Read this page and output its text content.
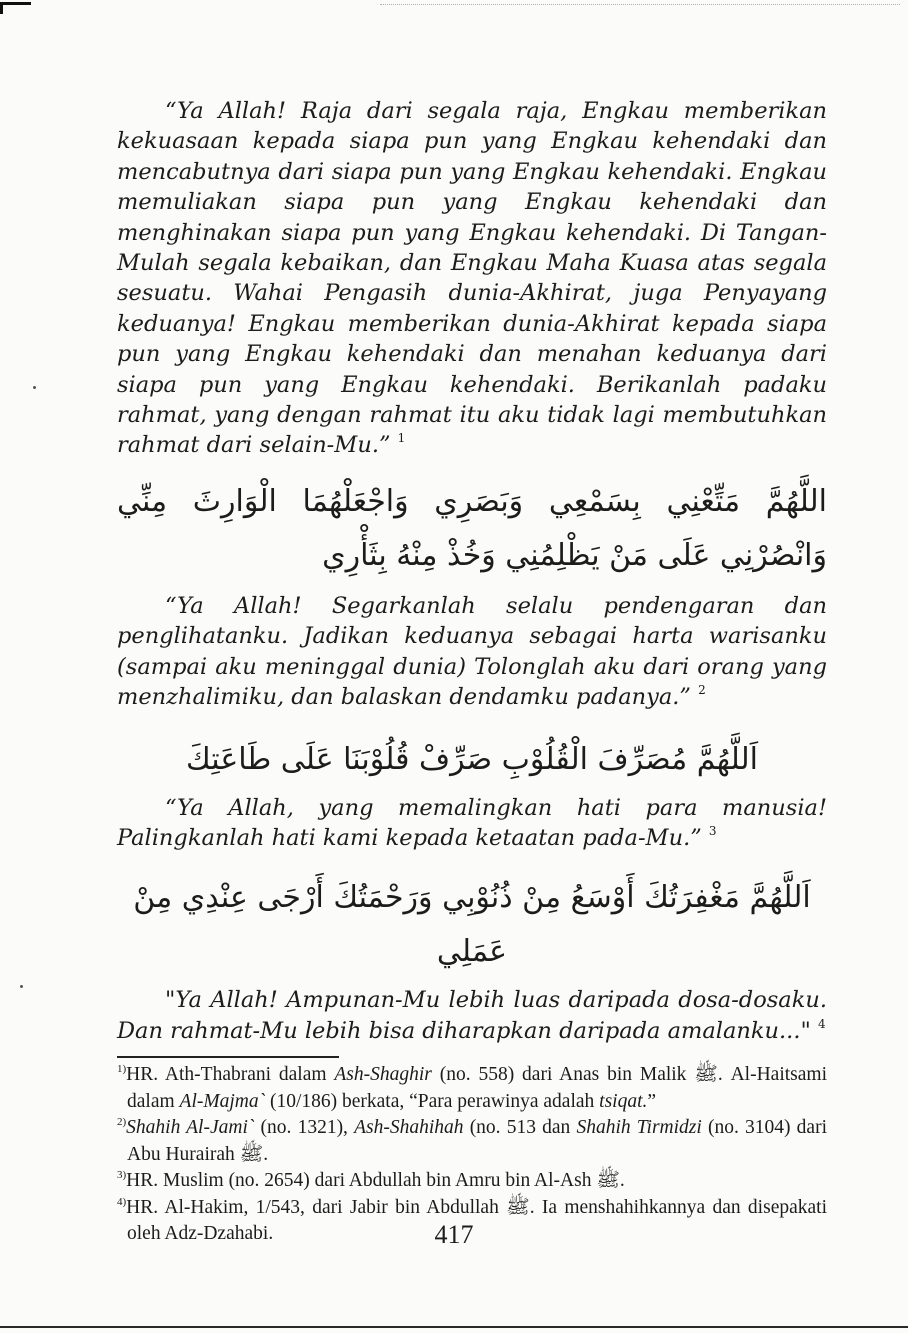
“Ya Allah! Raja dari segala raja, Engkau memberikan kekuasaan kepada siapa pun yang Engkau kehendaki dan mencabutnya dari siapa pun yang Engkau kehendaki. Engkau memuliakan siapa pun yang Engkau kehendaki dan menghinakan siapa pun yang Engkau kehendaki. Di Tangan-Mulah segala kebaikan, dan Engkau Maha Kuasa atas segala sesuatu. Wahai Pengasih dunia-Akhirat, juga Penyayang keduanya! Engkau memberikan dunia-Akhirat kepada siapa pun yang Engkau kehendaki dan menahan keduanya dari siapa pun yang Engkau kehendaki. Berikanlah padaku rahmat, yang dengan rahmat itu aku tidak lagi membutuhkan rahmat dari selain-Mu.” $^1$

اللَّهُمَّ مَتِّعْنِي بِسَمْعِي وَبَصَرِي وَاجْعَلْهُمَا الْوَارِثَ مِنِّي وَانْصُرْنِي عَلَى مَنْ يَظْلِمُنِي وَخُذْ مِنْهُ بِثَأْرِي

“Ya Allah! Segarkanlah selalu pendengaran dan penglihatanku. Jadikan keduanya sebagai harta warisanku (sampai aku meninggal dunia) Tolonglah aku dari orang yang menzhalimiku, dan balaskan dendamku padanya.” $^2$

اَللَّهُمَّ مُصَرِّفَ الْقُلُوْبِ صَرِّفْ قُلُوْبَنَا عَلَى طَاعَتِكَ

“Ya Allah, yang memalingkan hati para manusia! Palingkanlah hati kami kepada ketaatan pada-Mu.” $^3$

اَللَّهُمَّ مَغْفِرَتُكَ أَوْسَعُ مِنْ ذُنُوْبِي وَرَحْمَتُكَ أَرْجَى عِنْدِي مِنْ عَمَلِي

"Ya Allah! Ampunan-Mu lebih luas daripada dosa-dosaku. Dan rahmat-Mu lebih bisa diharapkan daripada amalanku..." $^4$

$^{1)}$HR. Ath-Thabrani dalam Ash-Shaghir (no. 558) dari Anas bin Malik ﷺ. Al-Haitsami dalam Al-Majma` (10/186) berkata, “Para perawinya adalah tsiqat.”
$^{2)}$Shahih Al-Jami` (no. 1321), Ash-Shahihah (no. 513 dan Shahih Tirmidzi (no. 3104) dari Abu Hurairah ﷺ.
$^{3)}$HR. Muslim (no. 2654) dari Abdullah bin Amru bin Al-Ash ﷺ.
$^{4)}$HR. Al-Hakim, 1/543, dari Jabir bin Abdullah ﷺ. Ia menshahihkannya dan disepakati oleh Adz-Dzahabi.	417
